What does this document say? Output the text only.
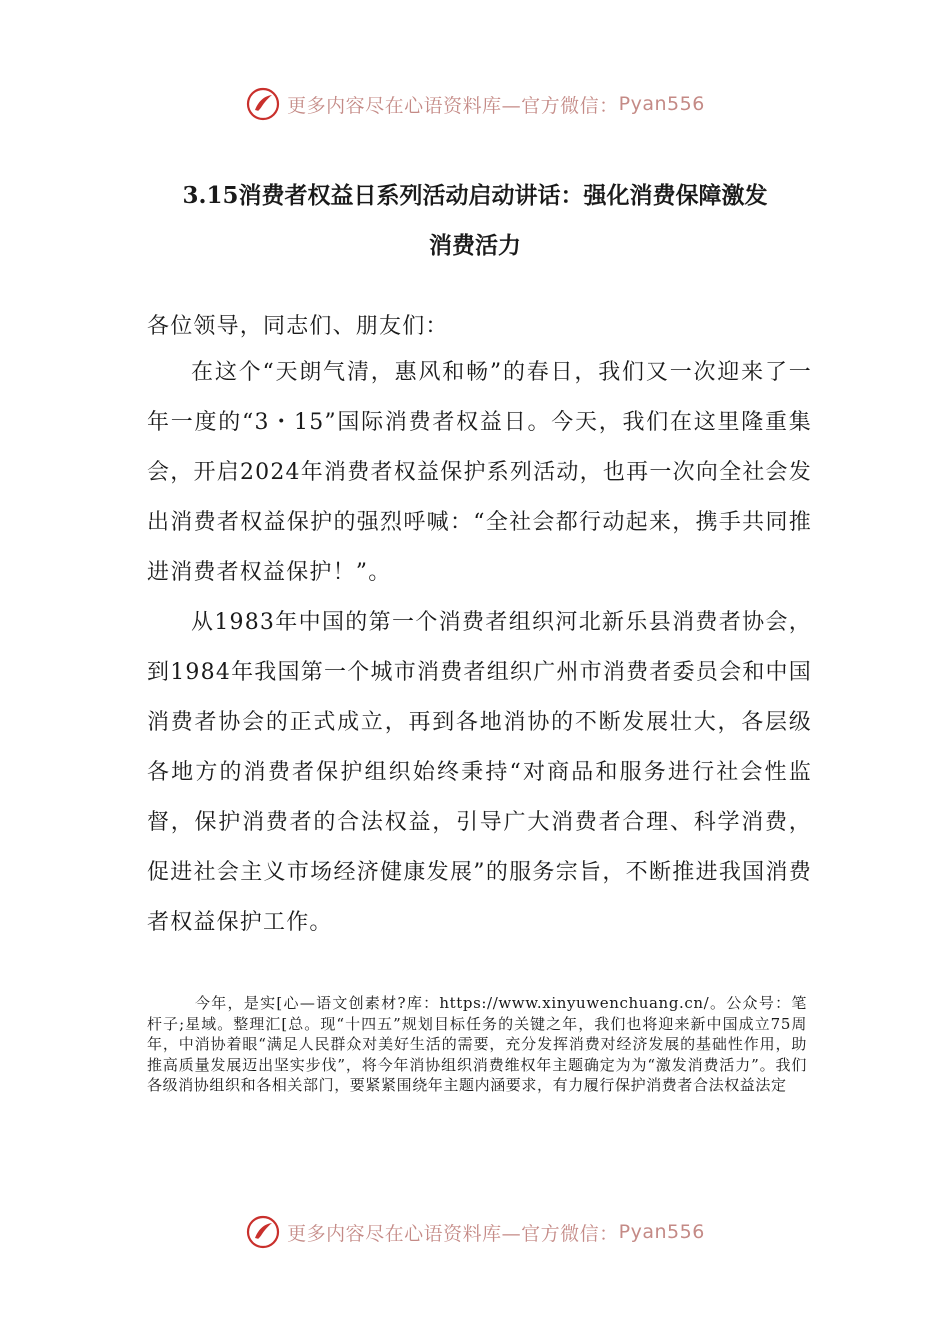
更多内容尽在心语资料库—官方微信： Pyan556
3.15消费者权益日系列活动启动讲话：强化消费保障激发
消费活力

各位领导，同志们、朋友们：

在这个“天朗气清，惠风和畅”的春日，我们又一次迎来了一年一度的“3・15”国际消费者权益日。今天，我们在这里隆重集会，开启2024年消费者权益保护系列活动，也再一次向全社会发出消费者权益保护的强烈呼喊：“全社会都行动起来，携手共同推进消费者权益保护！”。

从1983年中国的第一个消费者组织河北新乐县消费者协会，到1984年我国第一个城市消费者组织广州市消费者委员会和中国消费者协会的正式成立，再到各地消协的不断发展壮大，各层级各地方的消费者保护组织始终秉持“对商品和服务进行社会性监督，保护消费者的合法权益，引导广大消费者合理、科学消费，促进社会主义市场经济健康发展”的服务宗旨，不断推进我国消费者权益保护工作。

今年，是实[心—语文创素材?库：https://www.xinyuwenchuang.cn/。公众号：笔杆子;星域。整理汇[总。现“十四五”规划目标任务的关键之年，我们也将迎来新中国成立75周年，中消协着眼“满足人民群众对美好生活的需要，充分发挥消费对经济发展的基础性作用，助推高质量发展迈出坚实步伐”，将今年消协组织消费维权年主题确定为为“激发消费活力”。我们各级消协组织和各相关部门，要紧紧围绕年主题内涵要求，有力履行保护消费者合法权益法定

更多内容尽在心语资料库—官方微信： Pyan556
